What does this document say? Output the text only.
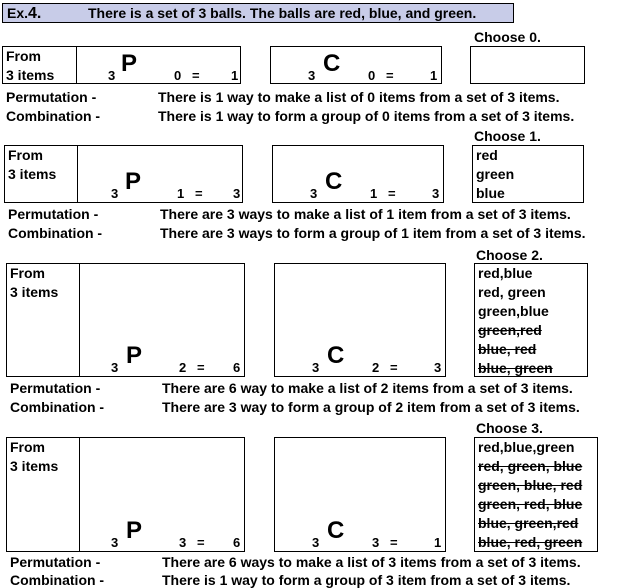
Ex.4.	There is a set of 3 balls. The balls are red, blue, and green.
From
3 items	3 P	0 = 1	3 C 0 =	1
Choose 0.
Permutation -	There is 1 way to make a list of 0 items from a set of 3 items.
Combination -	There is 1 way to form a group of 0 items from a set of 3 items.
From
3 items
3 P	1 = 3	3 C 1 =	3
Choose 1.
red
green
blue
Permutation -	There are 3 ways to make a list of 1 item from a set of 3 items.
Combination -	There are 3 ways to form a group of 1 item from a set of 3 items.
From
3 items
3 P	2 = 6	3 C 2 =	3
Choose 2.
red,blue
red, green
green,blue
green,red
blue, red
blue, green
Permutation -	There are 6 way to make a list of 2 items from a set of 3 items.
Combination -	There are 3 way to form a group of 2 item from a set of 3 items.
From
3 items
3 P	3 = 6	3 C 3 =	1
Choose 3.
red,blue,green
red, green, blue
green, blue, red
green, red, blue
blue, green,red
blue, red, green
Permutation -	There are 6 ways to make a list of 3 items from a set of 3 items.
Combination -	There is 1 way to form a group of 3 item from a set of 3 items.
